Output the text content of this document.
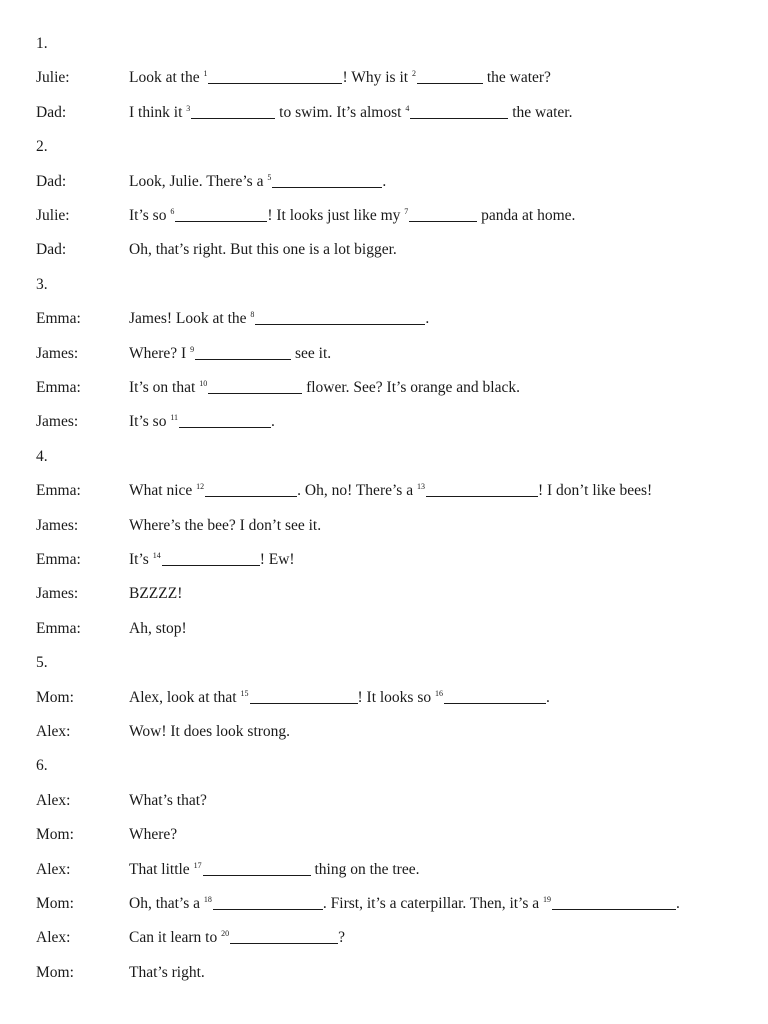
1.
Julie:	Look at the $^1$	! Why is it $^2$	the water?
Dad:	I think it $^3$	to swim. It’s almost $^4$	the water.
2.
Dad:	Look, Julie. There’s a $^5$	.
Julie:	It’s so $^6$	! It looks just like my $^7$	panda at home.
Dad:	Oh, that’s right. But this one is a lot bigger.
3.
Emma:	James! Look at the $^8$	.
James:	Where? I $^9$	see it.
Emma:	It’s on that $^{10}$	flower. See? It’s orange and black.
James:	It’s so $^{11}$	.
4.
Emma:	What nice $^{12}$	. Oh, no! There’s a $^{13}$	! I don’t like bees!
James:	Where’s the bee? I don’t see it.
Emma:	It’s $^{14}$	! Ew!
James:	BZZZZ!
Emma:	Ah, stop!
5.
Mom:	Alex, look at that $^{15}$	! It looks so $^{16}$	.
Alex:	Wow! It does look strong.
6.
Alex:	What’s that?
Mom:	Where?
Alex:	That little $^{17}$	thing on the tree.
Mom:	Oh, that’s a $^{18}$	. First, it’s a caterpillar. Then, it’s a $^{19}$	.
Alex:	Can it learn to $^{20}$	?
Mom:	That’s right.
